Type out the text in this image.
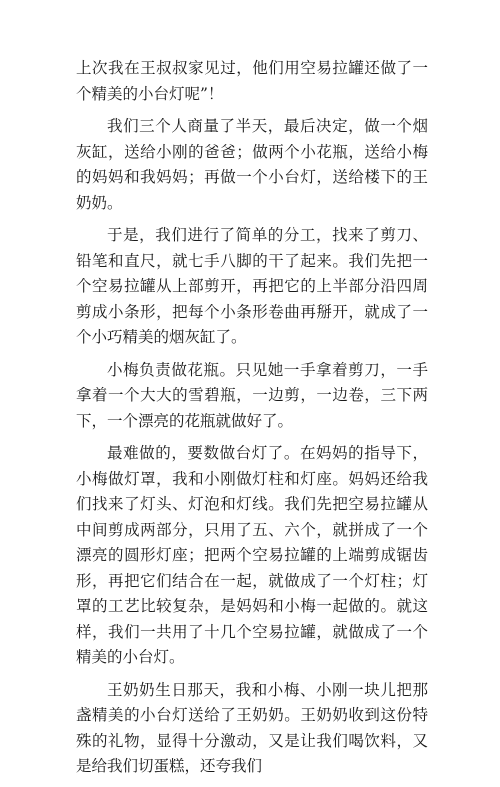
上次我在王叔叔家见过，他们用空易拉罐还做了一个精美的小台灯呢”！

我们三个人商量了半天，最后决定，做一个烟灰缸，送给小刚的爸爸；做两个小花瓶，送给小梅的妈妈和我妈妈；再做一个小台灯，送给楼下的王奶奶。

于是，我们进行了简单的分工，找来了剪刀、铅笔和直尺，就七手八脚的干了起来。我们先把一个空易拉罐从上部剪开，再把它的上半部分沿四周剪成小条形，把每个小条形卷曲再掰开，就成了一个小巧精美的烟灰缸了。

小梅负责做花瓶。只见她一手拿着剪刀，一手拿着一个大大的雪碧瓶，一边剪，一边卷，三下两下，一个漂亮的花瓶就做好了。

最难做的，要数做台灯了。在妈妈的指导下，小梅做灯罩，我和小刚做灯柱和灯座。妈妈还给我们找来了灯头、灯泡和灯线。我们先把空易拉罐从中间剪成两部分，只用了五、六个，就拼成了一个漂亮的圆形灯座；把两个空易拉罐的上端剪成锯齿形，再把它们结合在一起，就做成了一个灯柱；灯罩的工艺比较复杂，是妈妈和小梅一起做的。就这样，我们一共用了十几个空易拉罐，就做成了一个精美的小台灯。

王奶奶生日那天，我和小梅、小刚一块儿把那盏精美的小台灯送给了王奶奶。王奶奶收到这份特殊的礼物，显得十分激动，又是让我们喝饮料，又是给我们切蛋糕，还夸我们
